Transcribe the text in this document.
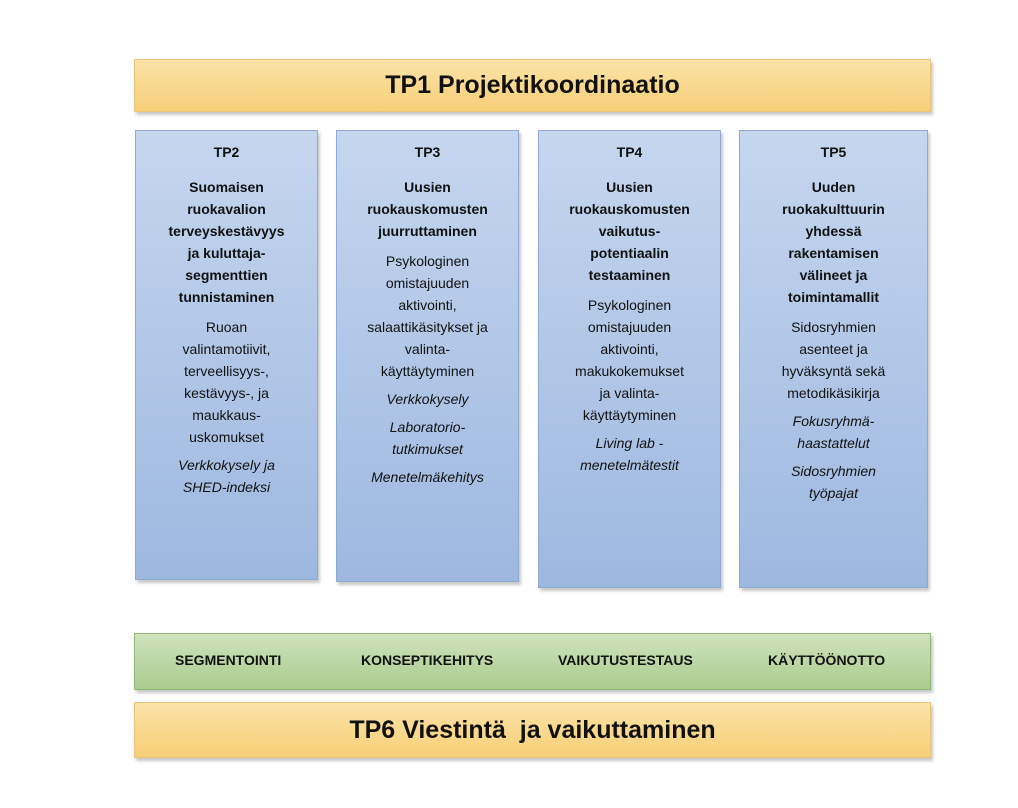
TP1 Projektikoordinaatio
TP2
Suomaisen
ruokavalion
terveyskestävyys
ja kuluttaja-
segmenttien
tunnistaminen
Ruoan
valintamotiivit,
terveellisyys-,
kestävyys-, ja
maukkaus-
uskomukset
Verkkokysely ja
SHED-indeksi
TP3
Uusien
ruokauskomusten
juurruttaminen
Psykologinen
omistajuuden
aktivointi,
salaattikäsitykset ja
valinta-
käyttäytyminen
Verkkokysely
Laboratorio-
tutkimukset
Menetelmäkehitys
TP4
Uusien
ruokauskomusten
vaikutus-
potentiaalin
testaaminen
Psykologinen
omistajuuden
aktivointi,
makukokemukset
ja valinta-
käyttäytyminen
Living lab -
menetelmätestit
TP5
Uuden
ruokakulttuurin
yhdessä
rakentamisen
välineet ja
toimintamallit
Sidosryhmien
asenteet ja
hyväksyntä sekä
metodikäsikirja
Fokusryhmä-
haastattelut
Sidosryhmien
työpajat
SEGMENTOINTI	KONSEPTIKEHITYS	VAIKUTUSTESTAUS	KÄYTTÖÖNOTTO
TP6 Viestintä  ja vaikuttaminen
